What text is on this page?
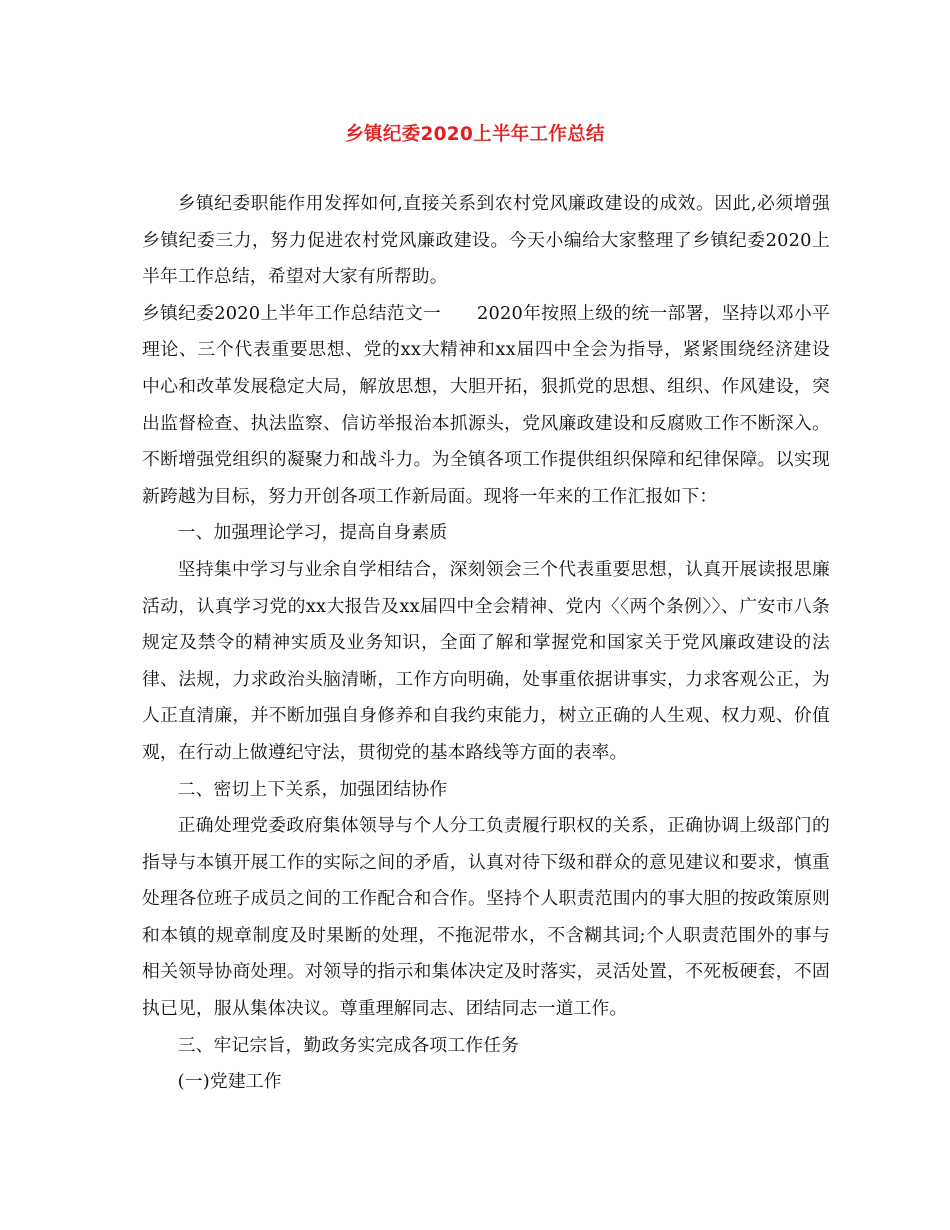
乡镇纪委2020上半年工作总结

乡镇纪委职能作用发挥如何,直接关系到农村党风廉政建设的成效。因此,必须增强乡镇纪委三力，努力促进农村党风廉政建设。今天小编给大家整理了乡镇纪委2020上半年工作总结，希望对大家有所帮助。

乡镇纪委2020上半年工作总结范文一 2020年按照上级的统一部署，坚持以邓小平理论、三个代表重要思想、党的xx大精神和xx届四中全会为指导，紧紧围绕经济建设中心和改革发展稳定大局，解放思想，大胆开拓，狠抓党的思想、组织、作风建设，突出监督检查、执法监察、信访举报治本抓源头，党风廉政建设和反腐败工作不断深入。不断增强党组织的凝聚力和战斗力。为全镇各项工作提供组织保障和纪律保障。以实现新跨越为目标，努力开创各项工作新局面。现将一年来的工作汇报如下：

一、加强理论学习，提高自身素质

坚持集中学习与业余自学相结合，深刻领会三个代表重要思想，认真开展读报思廉活动，认真学习党的xx大报告及xx届四中全会精神、党内〈〈两个条例〉〉、广安市八条规定及禁令的精神实质及业务知识，全面了解和掌握党和国家关于党风廉政建设的法律、法规，力求政治头脑清晰，工作方向明确，处事重依据讲事实，力求客观公正，为人正直清廉，并不断加强自身修养和自我约束能力，树立正确的人生观、权力观、价值观，在行动上做遵纪守法，贯彻党的基本路线等方面的表率。

二、密切上下关系，加强团结协作

正确处理党委政府集体领导与个人分工负责履行职权的关系，正确协调上级部门的指导与本镇开展工作的实际之间的矛盾，认真对待下级和群众的意见建议和要求，慎重处理各位班子成员之间的工作配合和合作。坚持个人职责范围内的事大胆的按政策原则和本镇的规章制度及时果断的处理，不拖泥带水，不含糊其词;个人职责范围外的事与相关领导协商处理。对领导的指示和集体决定及时落实，灵活处置，不死板硬套，不固执已见，服从集体决议。尊重理解同志、团结同志一道工作。

三、牢记宗旨，勤政务实完成各项工作任务

(一)党建工作
